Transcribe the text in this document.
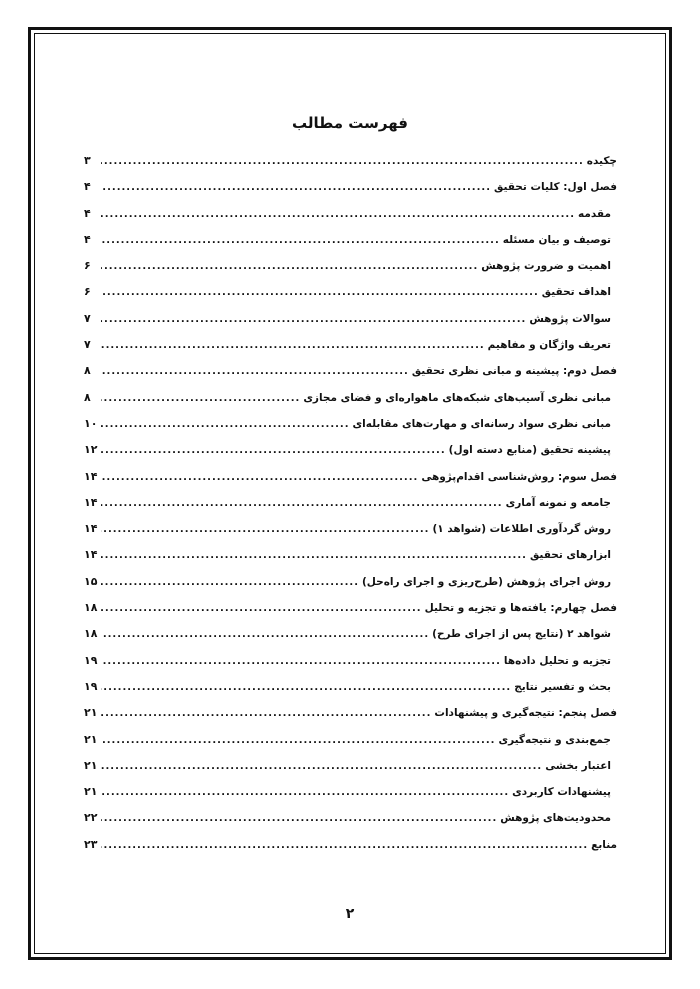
فهرست مطالب
چکیده
.....
۳
فصل اول: کلیات تحقیق
.....
۴
مقدمه
.....
۴
توصیف و بیان مسئله
.....
۴
اهمیت و ضرورت پژوهش
.....
۶
اهداف تحقیق
.....
۶
سوالات پژوهش
.....
۷
تعریف واژگان و مفاهیم
.....
۷
فصل دوم: پیشینه و مبانی نظری تحقیق
.....
۸
مبانی نظری آسیب‌های شبکه‌های ماهواره‌ای و فضای مجازی
.....
۸
مبانی نظری سواد رسانه‌ای و مهارت‌های مقابله‌ای
.....
۱۰
پیشینه تحقیق (منابع دسته اول)
.....
۱۲
فصل سوم: روش‌شناسی اقدام‌پژوهی
.....
۱۴
جامعه و نمونه آماری
.....
۱۴
روش گردآوری اطلاعات (شواهد ۱)
.....
۱۴
ابزارهای تحقیق
.....
۱۴
روش اجرای پژوهش (طرح‌ریزی و اجرای راه‌حل)
.....
۱۵
فصل چهارم: یافته‌ها و تجزیه و تحلیل
.....
۱۸
شواهد ۲ (نتایج پس از اجرای طرح)
.....
۱۸
تجزیه و تحلیل داده‌ها
.....
۱۹
بحث و تفسیر نتایج
.....
۱۹
فصل پنجم: نتیجه‌گیری و پیشنهادات
.....
۲۱
جمع‌بندی و نتیجه‌گیری
.....
۲۱
اعتبار بخشی
.....
۲۱
پیشنهادات کاربردی
.....
۲۱
محدودیت‌های پژوهش
.....
۲۲
منابع
.....
۲۳
۲
